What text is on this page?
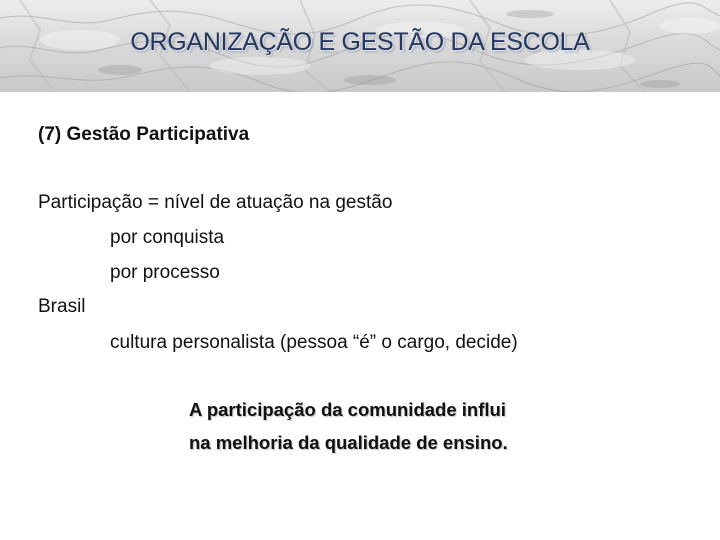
ORGANIZAÇÃO E GESTÃO DA ESCOLA

(7) Gestão Participativa

Participação = nível de atuação na gestão

por conquista

por processo

Brasil

cultura personalista (pessoa “é” o cargo, decide)

A participação da comunidade influi

na melhoria da qualidade de ensino.
